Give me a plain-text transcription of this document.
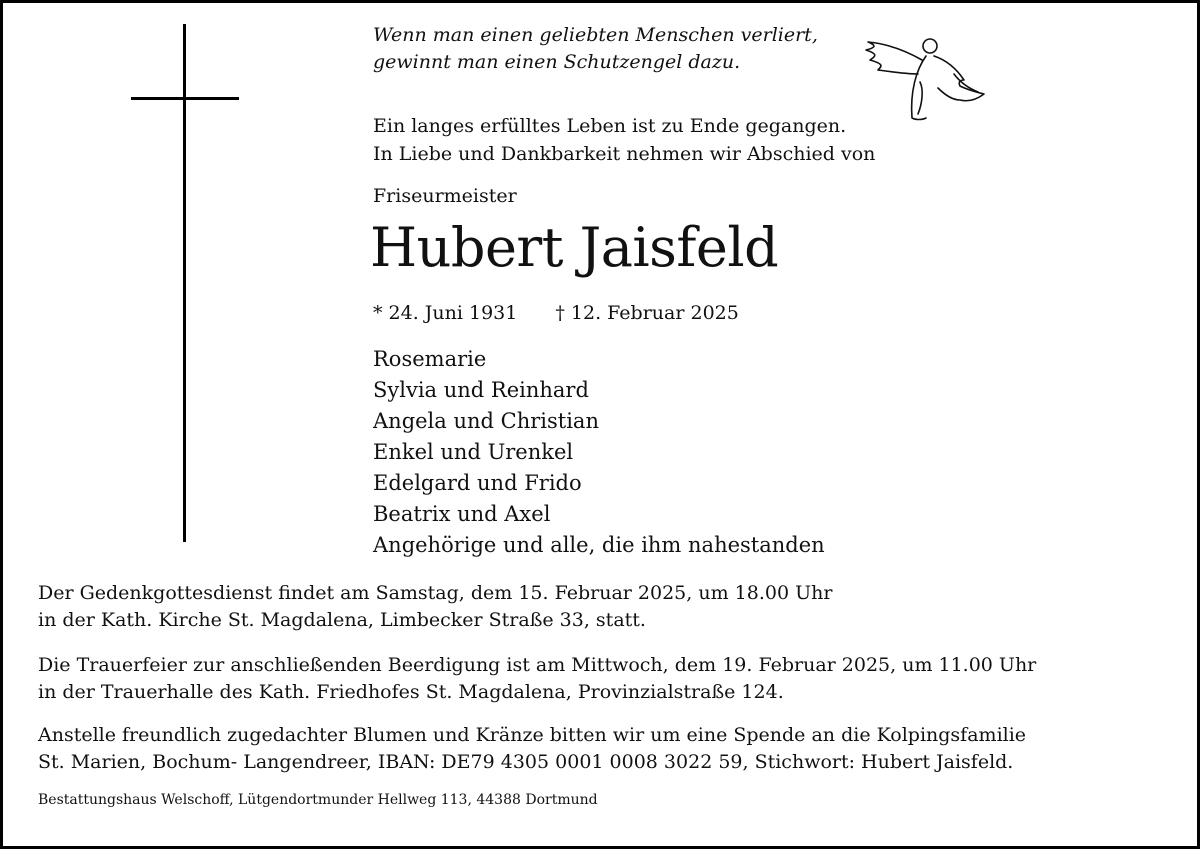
Wenn man einen geliebten Menschen verliert,
gewinnt man einen Schutzengel dazu.
Ein langes erfülltes Leben ist zu Ende gegangen.
In Liebe und Dankbarkeit nehmen wir Abschied von
Friseurmeister
Hubert Jaisfeld
* 24. Juni 1931 † 12. Februar 2025
Rosemarie
Sylvia und Reinhard
Angela und Christian
Enkel und Urenkel
Edelgard und Frido
Beatrix und Axel
Angehörige und alle, die ihm nahestanden
Der Gedenkgottesdienst findet am Samstag, dem 15. Februar 2025, um 18.00 Uhr
in der Kath. Kirche St. Magdalena, Limbecker Straße 33, statt.
Die Trauerfeier zur anschließenden Beerdigung ist am Mittwoch, dem 19. Februar 2025, um 11.00 Uhr
in der Trauerhalle des Kath. Friedhofes St. Magdalena, Provinzialstraße 124.
Anstelle freundlich zugedachter Blumen und Kränze bitten wir um eine Spende an die Kolpingsfamilie
St. Marien, Bochum- Langendreer, IBAN: DE79 4305 0001 0008 3022 59, Stichwort: Hubert Jaisfeld.
Bestattungshaus Welschoff, Lütgendortmunder Hellweg 113, 44388 Dortmund
